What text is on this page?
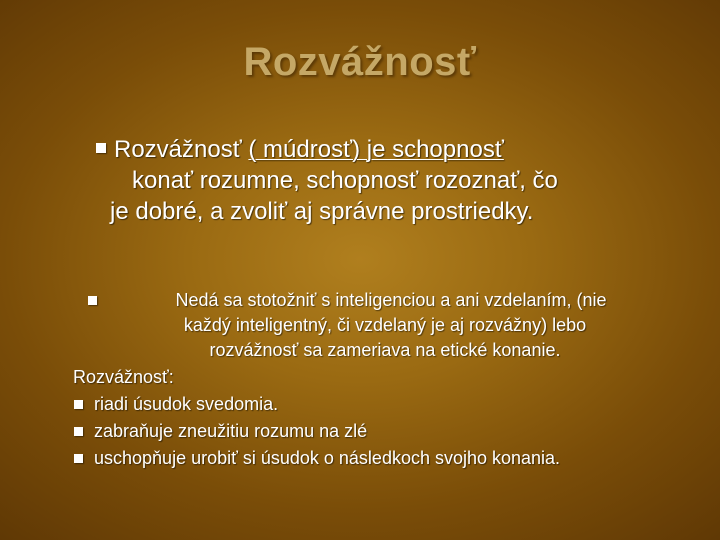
Rozvážnosť
Rozvážnosť ( múdrosť) je schopnosť
konať rozumne, schopnosť rozoznať, čo
je dobré, a zvoliť aj správne prostriedky.
Nedá sa stotožniť s inteligenciou a ani vzdelaním, (nie
každý inteligentný, či vzdelaný je aj rozvážny) lebo
rozvážnosť sa zameriava na etické konanie.
Rozvážnosť:
riadi úsudok svedomia.
zabraňuje zneužitiu rozumu na zlé
uschopňuje urobiť si úsudok o následkoch svojho konania.
